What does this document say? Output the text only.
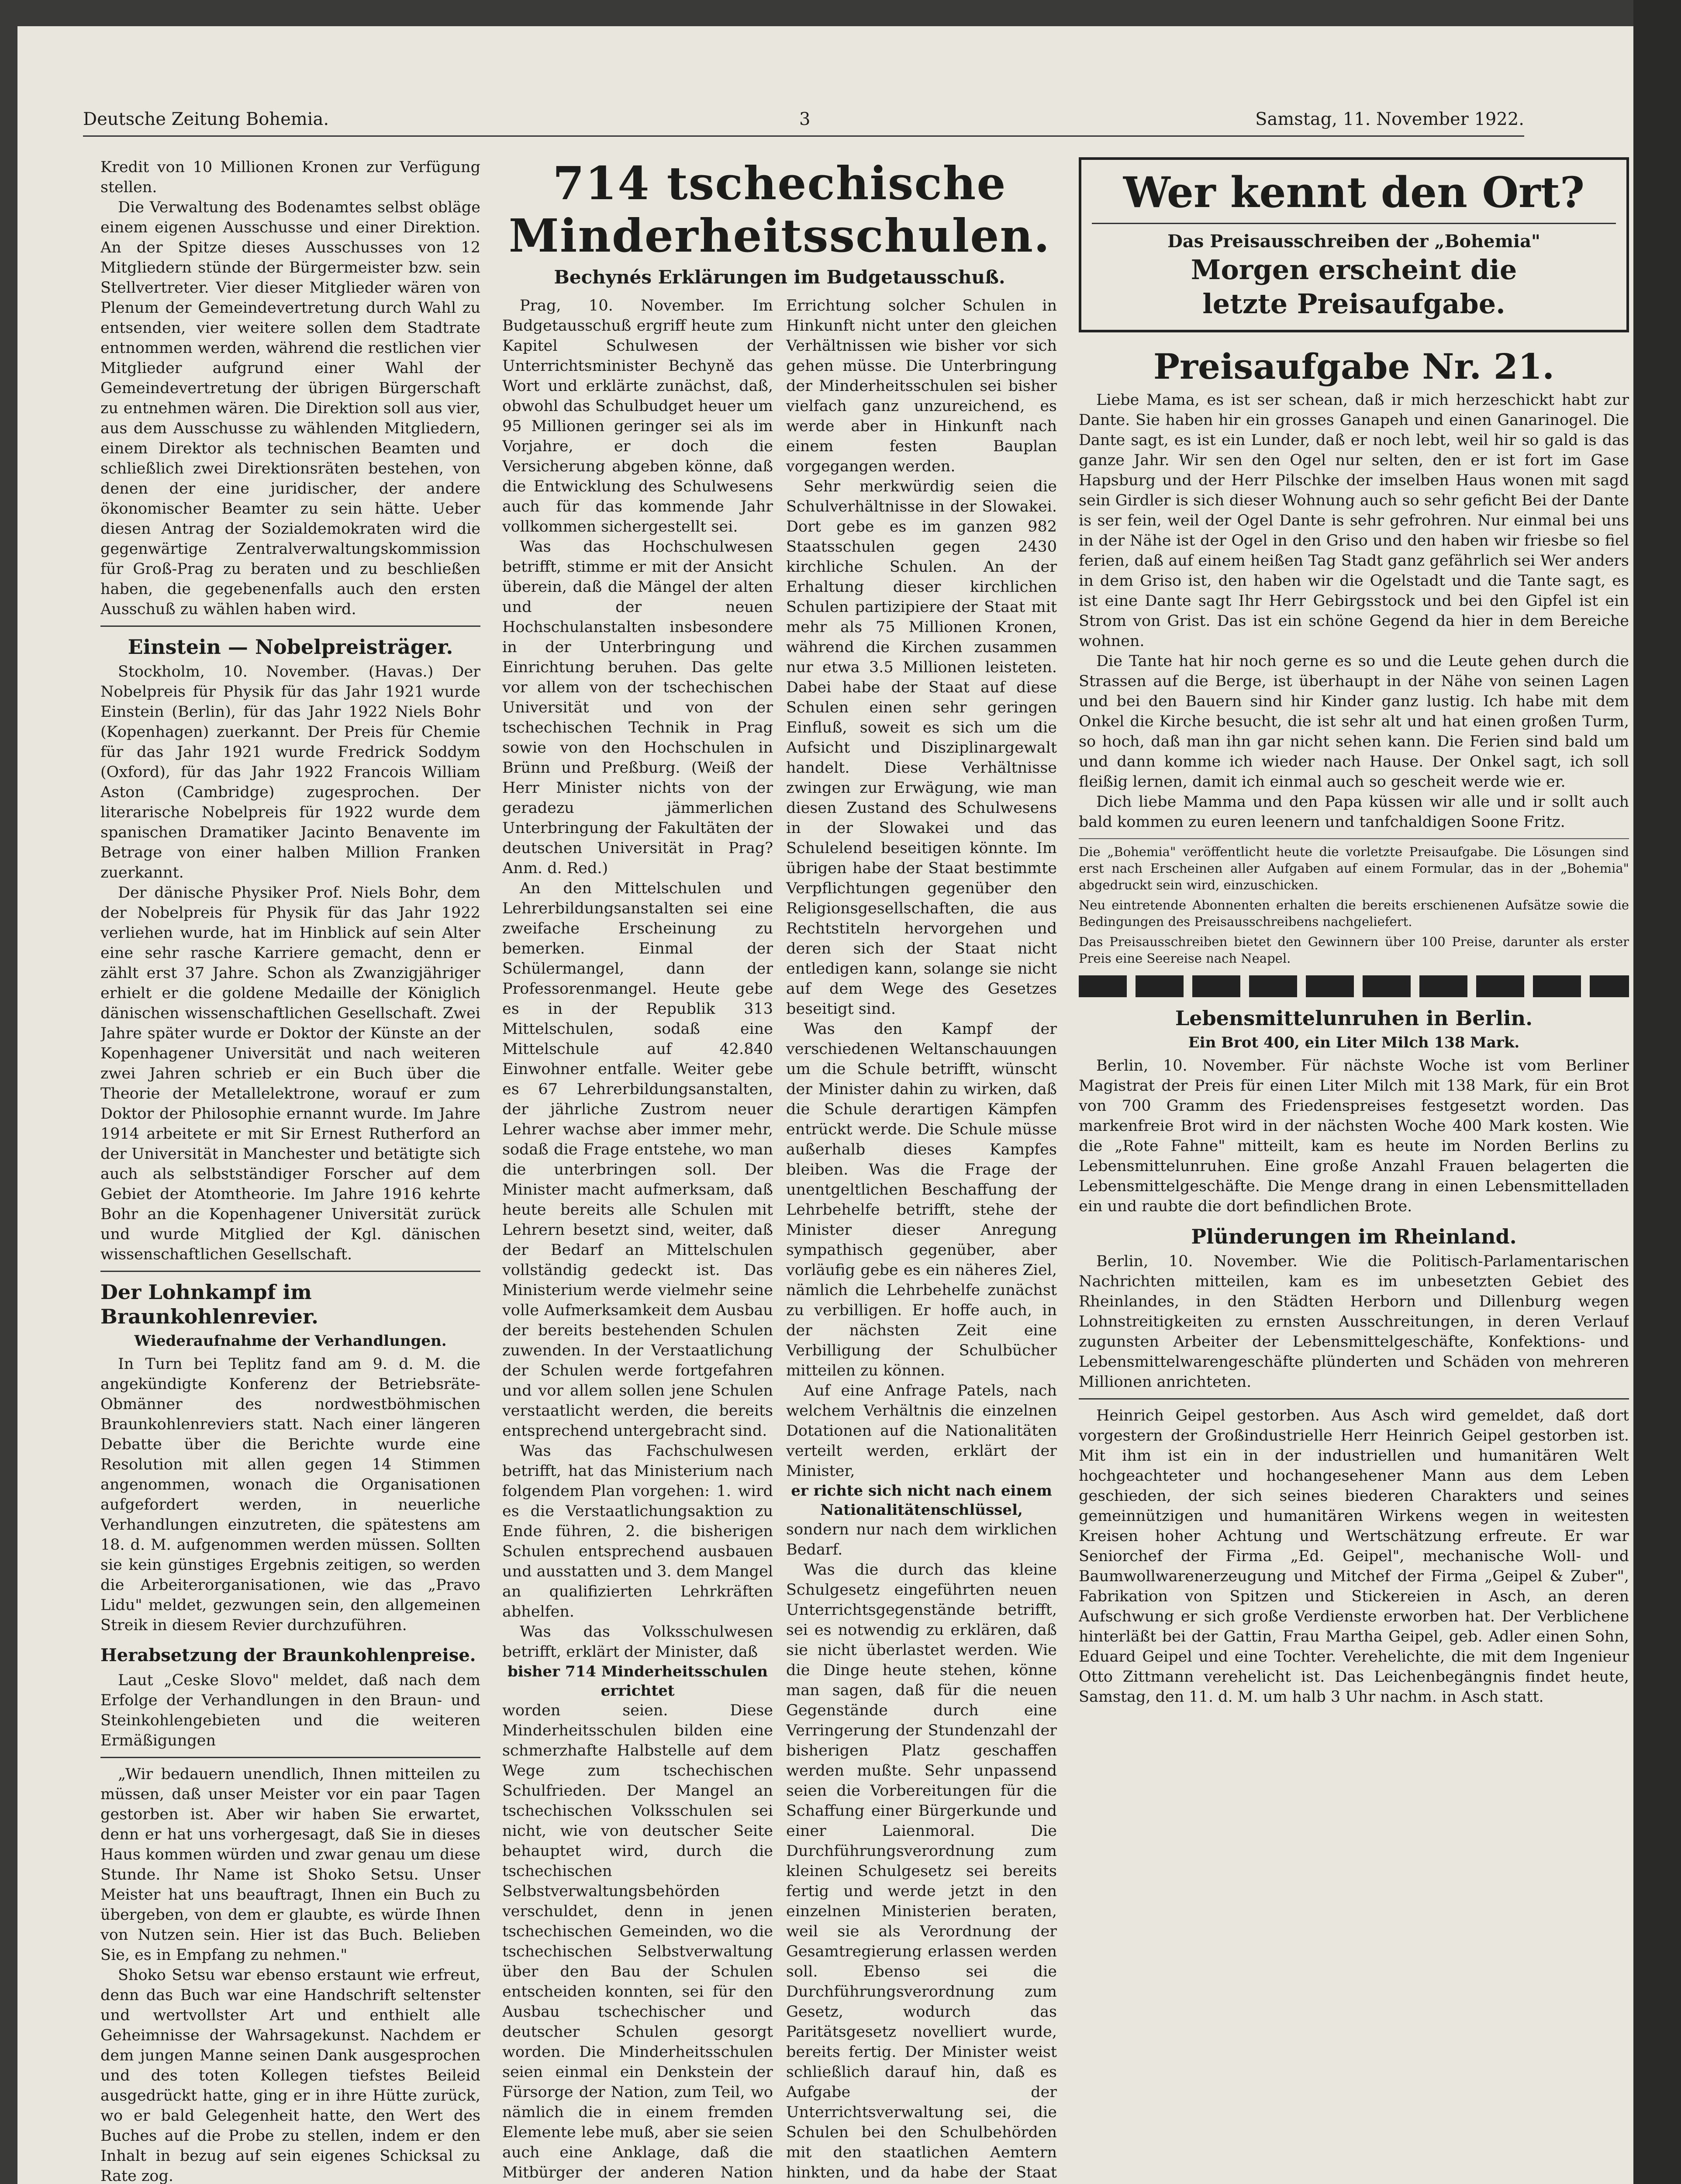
Deutsche Zeitung Bohemia.	3	Samstag, 11. November 1922.

Kredit von 10 Millionen Kronen zur Verfügung stellen.

Die Verwaltung des Bodenamtes selbst obläge einem eigenen Ausschusse und einer Direktion. An der Spitze dieses Ausschusses von 12 Mitgliedern stünde der Bürgermeister bzw. sein Stellvertreter. Vier dieser Mitglieder wären von Plenum der Gemeindevertretung durch Wahl zu entsenden, vier weitere sollen dem Stadtrate entnommen werden, während die restlichen vier Mitglieder aufgrund einer Wahl der Gemeindevertretung der übrigen Bürgerschaft zu entnehmen wären. Die Direktion soll aus vier, aus dem Ausschusse zu wählenden Mitgliedern, einem Direktor als technischen Beamten und schließlich zwei Direktionsräten bestehen, von denen der eine juridischer, der andere ökonomischer Beamter zu sein hätte. Ueber diesen Antrag der Sozialdemokraten wird die gegenwärtige Zentralverwaltungskommission für Groß-Prag zu beraten und zu beschließen haben, die gegebenenfalls auch den ersten Ausschuß zu wählen haben wird.

Einstein — Nobelpreisträger.

Stockholm, 10. November. (Havas.) Der Nobelpreis für Physik für das Jahr 1921 wurde Einstein (Berlin), für das Jahr 1922 Niels Bohr (Kopenhagen) zuerkannt. Der Preis für Chemie für das Jahr 1921 wurde Fredrick Soddym (Oxford), für das Jahr 1922 Francois William Aston (Cambridge) zugesprochen. Der literarische Nobelpreis für 1922 wurde dem spanischen Dramatiker Jacinto Benavente im Betrage von einer halben Million Franken zuerkannt.

Der dänische Physiker Prof. Niels Bohr, dem der Nobelpreis für Physik für das Jahr 1922 verliehen wurde, hat im Hinblick auf sein Alter eine sehr rasche Karriere gemacht, denn er zählt erst 37 Jahre. Schon als Zwanzigjähriger erhielt er die goldene Medaille der Königlich dänischen wissenschaftlichen Gesellschaft. Zwei Jahre später wurde er Doktor der Künste an der Kopenhagener Universität und nach weiteren zwei Jahren schrieb er ein Buch über die Theorie der Metallelektrone, worauf er zum Doktor der Philosophie ernannt wurde. Im Jahre 1914 arbeitete er mit Sir Ernest Rutherford an der Universität in Manchester und betätigte sich auch als selbstständiger Forscher auf dem Gebiet der Atomtheorie. Im Jahre 1916 kehrte Bohr an die Kopenhagener Universität zurück und wurde Mitglied der Kgl. dänischen wissenschaftlichen Gesellschaft.

Der Lohnkampf im Braunkohlenrevier.
Wiederaufnahme der Verhandlungen.

In Turn bei Teplitz fand am 9. d. M. die angekündigte Konferenz der Betriebsräte-Obmänner des nordwestböhmischen Braunkohlenreviers statt. Nach einer längeren Debatte über die Berichte wurde eine Resolution mit allen gegen 14 Stimmen angenommen, wonach die Organisationen aufgefordert werden, in neuerliche Verhandlungen einzutreten, die spätestens am 18. d. M. aufgenommen werden müssen. Sollten sie kein günstiges Ergebnis zeitigen, so werden die Arbeiterorganisationen, wie das „Pravo Lidu" meldet, gezwungen sein, den allgemeinen Streik in diesem Revier durchzuführen.

Herabsetzung der Braunkohlenpreise.

Laut „Ceske Slovo" meldet, daß nach dem Erfolge der Verhandlungen in den Braun- und Steinkohlengebieten und die weiteren Ermäßigungen

„Wir bedauern unendlich, Ihnen mitteilen zu müssen, daß unser Meister vor ein paar Tagen gestorben ist. Aber wir haben Sie erwartet, denn er hat uns vorhergesagt, daß Sie in dieses Haus kommen würden und zwar genau um diese Stunde. Ihr Name ist Shoko Setsu. Unser Meister hat uns beauftragt, Ihnen ein Buch zu übergeben, von dem er glaubte, es würde Ihnen von Nutzen sein. Hier ist das Buch. Belieben Sie, es in Empfang zu nehmen."

Shoko Setsu war ebenso erstaunt wie erfreut, denn das Buch war eine Handschrift seltenster und wertvollster Art und enthielt alle Geheimnisse der Wahrsagekunst. Nachdem er dem jungen Manne seinen Dank ausgesprochen und des toten Kollegen tiefstes Beileid ausgedrückt hatte, ging er in ihre Hütte zurück, wo er bald Gelegenheit hatte, den Wert des Buches auf die Probe zu stellen, indem er den Inhalt in bezug auf sein eigenes Schicksal zu Rate zog.

714 tschechische Minderheitsschulen.
Bechynés Erklärungen im Budgetausschuß.

Prag, 10. November. Im Budgetausschuß ergriff heute zum Kapitel Schulwesen der Unterrichtsminister Bechyně das Wort und erklärte zunächst, daß, obwohl das Schulbudget heuer um 95 Millionen geringer sei als im Vorjahre, er doch die Versicherung abgeben könne, daß die Entwicklung des Schulwesens auch für das kommende Jahr vollkommen sichergestellt sei.

Was das Hochschulwesen betrifft, stimme er mit der Ansicht überein, daß die Mängel der alten und der neuen Hochschulanstalten insbesondere in der Unterbringung und Einrichtung beruhen. Das gelte vor allem von der tschechischen Universität und von der tschechischen Technik in Prag sowie von den Hochschulen in Brünn und Preßburg. (Weiß der Herr Minister nichts von der geradezu jämmerlichen Unterbringung der Fakultäten der deutschen Universität in Prag? Anm. d. Red.)

An den Mittelschulen und Lehrerbildungsanstalten sei eine zweifache Erscheinung zu bemerken. Einmal der Schülermangel, dann der Professorenmangel. Heute gebe es in der Republik 313 Mittelschulen, sodaß eine Mittelschule auf 42.840 Einwohner entfalle. Weiter gebe es 67 Lehrerbildungsanstalten, der jährliche Zustrom neuer Lehrer wachse aber immer mehr, sodaß die Frage entstehe, wo man die unterbringen soll. Der Minister macht aufmerksam, daß heute bereits alle Schulen mit Lehrern besetzt sind, weiter, daß der Bedarf an Mittelschulen vollständig gedeckt ist. Das Ministerium werde vielmehr seine volle Aufmerksamkeit dem Ausbau der bereits bestehenden Schulen zuwenden. In der Verstaatlichung der Schulen werde fortgefahren und vor allem sollen jene Schulen verstaatlicht werden, die bereits entsprechend untergebracht sind.

Was das Fachschulwesen betrifft, hat das Ministerium nach folgendem Plan vorgehen: 1. wird es die Verstaatlichungsaktion zu Ende führen, 2. die bisherigen Schulen entsprechend ausbauen und ausstatten und 3. dem Mangel an qualifizierten Lehrkräften abhelfen.

Was das Volksschulwesen betrifft, erklärt der Minister, daß

bisher 714 Minderheitsschulen errichtet

worden seien. Diese Minderheitsschulen bilden eine schmerzhafte Halbstelle auf dem Wege zum tschechischen Schulfrieden. Der Mangel an tschechischen Volksschulen sei nicht, wie von deutscher Seite behauptet wird, durch die tschechischen Selbstverwaltungsbehörden verschuldet, denn in jenen tschechischen Gemeinden, wo die tschechischen Selbstverwaltung über den Bau der Schulen entscheiden konnten, sei für den Ausbau tschechischer und deutscher Schulen gesorgt worden. Die Minderheitsschulen seien einmal ein Denkstein der Fürsorge der Nation, zum Teil, wo nämlich die in einem fremden Elemente lebe muß, aber sie seien auch eine Anklage, daß die Mitbürger der anderen Nation

Errichtung solcher Schulen in Hinkunft nicht unter den gleichen Verhältnissen wie bisher vor sich gehen müsse. Die Unterbringung der Minderheitsschulen sei bisher vielfach ganz unzureichend, es werde aber in Hinkunft nach einem festen Bauplan vorgegangen werden.

Sehr merkwürdig seien die Schulverhältnisse in der Slowakei. Dort gebe es im ganzen 982 Staatsschulen gegen 2430 kirchliche Schulen. An der Erhaltung dieser kirchlichen Schulen partizipiere der Staat mit mehr als 75 Millionen Kronen, während die Kirchen zusammen nur etwa 3.5 Millionen leisteten. Dabei habe der Staat auf diese Schulen einen sehr geringen Einfluß, soweit es sich um die Aufsicht und Disziplinargewalt handelt. Diese Verhältnisse zwingen zur Erwägung, wie man diesen Zustand des Schulwesens in der Slowakei und das Schulelend beseitigen könnte. Im übrigen habe der Staat bestimmte Verpflichtungen gegenüber den Religionsgesellschaften, die aus Rechtstiteln hervorgehen und deren sich der Staat nicht entledigen kann, solange sie nicht auf dem Wege des Gesetzes beseitigt sind.

Was den Kampf der verschiedenen Weltanschauungen um die Schule betrifft, wünscht der Minister dahin zu wirken, daß die Schule derartigen Kämpfen entrückt werde. Die Schule müsse außerhalb dieses Kampfes bleiben. Was die Frage der unentgeltlichen Beschaffung der Lehrbehelfe betrifft, stehe der Minister dieser Anregung sympathisch gegenüber, aber vorläufig gebe es ein näheres Ziel, nämlich die Lehrbehelfe zunächst zu verbilligen. Er hoffe auch, in der nächsten Zeit eine Verbilligung der Schulbücher mitteilen zu können.

Auf eine Anfrage Patels, nach welchem Verhältnis die einzelnen Dotationen auf die Nationalitäten verteilt werden, erklärt der Minister,

er richte sich nicht nach einem Nationalitätenschlüssel,

sondern nur nach dem wirklichen Bedarf.

Was die durch das kleine Schulgesetz eingeführten neuen Unterrichtsgegenstände betrifft, sei es notwendig zu erklären, daß sie nicht überlastet werden. Wie die Dinge heute stehen, könne man sagen, daß für die neuen Gegenstände durch eine Verringerung der Stundenzahl der bisherigen Platz geschaffen werden mußte. Sehr unpassend seien die Vorbereitungen für die Schaffung einer Bürgerkunde und einer Laienmoral. Die Durchführungsverordnung zum kleinen Schulgesetz sei bereits fertig und werde jetzt in den einzelnen Ministerien beraten, weil sie als Verordnung der Gesamtregierung erlassen werden soll. Ebenso sei die Durchführungsverordnung zum Gesetz, wodurch das Paritätsgesetz novelliert wurde, bereits fertig. Der Minister weist schließlich darauf hin, daß es Aufgabe der Unterrichtsverwaltung sei, die Schulen bei den Schulbehörden mit den staatlichen Aemtern hinkten, und da habe der Staat

Wer kennt den Ort?
Das Preisausschreiben der „Bohemia"
Morgen erscheint die
letzte Preisaufgabe.
Preisaufgabe Nr. 21.

Liebe Mama, es ist ser schean, daß ir mich herzeschickt habt zur Dante. Sie haben hir ein grosses Ganapeh und einen Ganarinogel. Die Dante sagt, es ist ein Lunder, daß er noch lebt, weil hir so gald is das ganze Jahr. Wir sen den Ogel nur selten, den er ist fort im Gase Hapsburg und der Herr Pilschke der imselben Haus wonen mit sagd sein Girdler is sich dieser Wohnung auch so sehr geficht Bei der Dante is ser fein, weil der Ogel Dante is sehr gefrohren. Nur einmal bei uns in der Nähe ist der Ogel in den Griso und den haben wir friesbe so fiel ferien, daß auf einem heißen Tag Stadt ganz gefährlich sei Wer anders in dem Griso ist, den haben wir die Ogelstadt und die Tante sagt, es ist eine Dante sagt Ihr Herr Gebirgsstock und bei den Gipfel ist ein Strom von Grist. Das ist ein schöne Gegend da hier in dem Bereiche wohnen.

Die Tante hat hir noch gerne es so und die Leute gehen durch die Strassen auf die Berge, ist überhaupt in der Nähe von seinen Lagen und bei den Bauern sind hir Kinder ganz lustig. Ich habe mit dem Onkel die Kirche besucht, die ist sehr alt und hat einen großen Turm, so hoch, daß man ihn gar nicht sehen kann. Die Ferien sind bald um und dann komme ich wieder nach Hause. Der Onkel sagt, ich soll fleißig lernen, damit ich einmal auch so gescheit werde wie er.

Dich liebe Mamma und den Papa küssen wir alle und ir sollt auch bald kommen zu euren leenern und tanfchaldigen Soone Fritz.

Die „Bohemia" veröffentlicht heute die vorletzte Preisaufgabe. Die Lösungen sind erst nach Erscheinen aller Aufgaben auf einem Formular, das in der „Bohemia" abgedruckt sein wird, einzuschicken.

Neu eintretende Abonnenten erhalten die bereits erschienenen Aufsätze sowie die Bedingungen des Preisausschreibens nachgeliefert.

Das Preisausschreiben bietet den Gewinnern über 100 Preise, darunter als erster Preis eine Seereise nach Neapel.

Lebensmittelunruhen in Berlin.
Ein Brot 400, ein Liter Milch 138 Mark.

Berlin, 10. November. Für nächste Woche ist vom Berliner Magistrat der Preis für einen Liter Milch mit 138 Mark, für ein Brot von 700 Gramm des Friedenspreises festgesetzt worden. Das markenfreie Brot wird in der nächsten Woche 400 Mark kosten. Wie die „Rote Fahne" mitteilt, kam es heute im Norden Berlins zu Lebensmittelunruhen. Eine große Anzahl Frauen belagerten die Lebensmittelgeschäfte. Die Menge drang in einen Lebensmittelladen ein und raubte die dort befindlichen Brote.

Plünderungen im Rheinland.

Berlin, 10. November. Wie die Politisch-Parlamentarischen Nachrichten mitteilen, kam es im unbesetzten Gebiet des Rheinlandes, in den Städten Herborn und Dillenburg wegen Lohnstreitigkeiten zu ernsten Ausschreitungen, in deren Verlauf zugunsten Arbeiter der Lebensmittelgeschäfte, Konfektions- und Lebensmittelwarengeschäfte plünderten und Schäden von mehreren Millionen anrichteten.

Heinrich Geipel gestorben. Aus Asch wird gemeldet, daß dort vorgestern der Großindustrielle Herr Heinrich Geipel gestorben ist. Mit ihm ist ein in der industriellen und humanitären Welt hochgeachteter und hochangesehener Mann aus dem Leben geschieden, der sich seines biederen Charakters und seines gemeinnützigen und humanitären Wirkens wegen in weitesten Kreisen hoher Achtung und Wertschätzung erfreute. Er war Seniorchef der Firma „Ed. Geipel", mechanische Woll- und Baumwollwarenerzeugung und Mitchef der Firma „Geipel & Zuber", Fabrikation von Spitzen und Stickereien in Asch, an deren Aufschwung er sich große Verdienste erworben hat. Der Verblichene hinterläßt bei der Gattin, Frau Martha Geipel, geb. Adler einen Sohn, Eduard Geipel und eine Tochter. Verehelichte, die mit dem Ingenieur Otto Zittmann verehelicht ist. Das Leichenbegängnis findet heute, Samstag, den 11. d. M. um halb 3 Uhr nachm. in Asch statt.
